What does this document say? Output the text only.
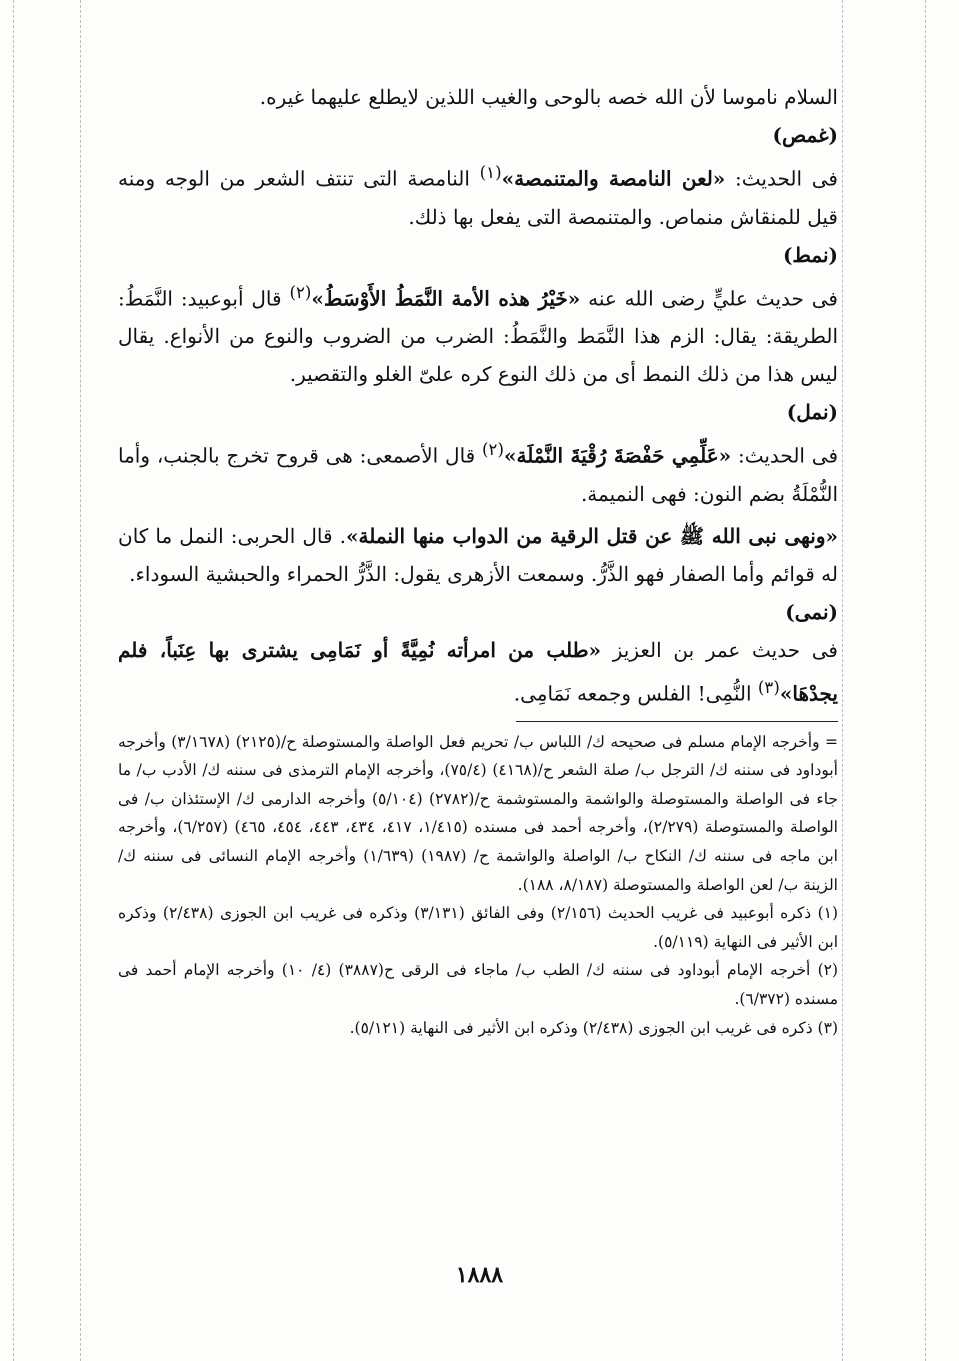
السلام ناموسا لأن الله خصه بالوحى والغيب اللذين لايطلع عليهما غيره.

(غمص)

فى الحديث: «لعن النامصة والمتنمصة»$^{(١)}$ النامصة التى تنتف الشعر من الوجه ومنه قيل للمنقاش منماص. والمتنمصة التى يفعل بها ذلك.

(نمط)

فى حديث عليٍّ رضى الله عنه «خَيْرُ هذه الأمة النَّمَطُ الأَوْسَطُ»$^{(٢)}$ قال أبوعبيد: النَّمَطُ: الطريقة: يقال: الزم هذا النَّمَط والنَّمَطُ: الضرب من الضروب والنوع من الأنواع. يقال ليس هذا من ذلك النمط أى من ذلك النوع كره علىّ الغلو والتقصير.

(نمل)

فى الحديث: «عَلِّمِي حَفْصَةَ رُقْيَةَ النَّمْلَة»$^{(٢)}$ قال الأصمعى: هى قروح تخرج بالجنب، وأما النُّمْلَةُ بضم النون: فهى النميمة.

«ونهى نبى الله ﷺ عن قتل الرقية من الدواب منها النملة». قال الحربى: النمل ما كان له قوائم وأما الصفار فهو الذَّرُّ. وسمعت الأزهرى يقول: الذَّرُّ الحمراء والحبشية السوداء.

(نمى)

فى حديث عمر بن العزيز «طلب من امرأته نُمِيَّةً أو نَمَامِى يشترى بها عِنَباً، فلم يجدْهَا»$^{(٣)}$ النُّمِى! الفلس وجمعه نَمَامِى.

= وأخرجه الإمام مسلم فى صحيحه ك/ اللباس ب/ تحريم فعل الواصلة والمستوصلة ح/(٢١٢٥) (٣/١٦٧٨) وأخرجه أبوداود فى سننه ك/ الترجل ب/ صلة الشعر ح/(٤١٦٨) (٧٥/٤)، وأخرجه الإمام الترمذى فى سننه ك/ الأدب ب/ ما جاء فى الواصلة والمستوصلة والواشمة والمستوشمة ح/(٢٧٨٢) (٥/١٠٤) وأخرجه الدارمى ك/ الإستئذان ب/ فى الواصلة والمستوصلة (٢/٢٧٩)، وأخرجه أحمد فى مسنده (١/٤١٥، ٤١٧، ٤٣٤، ٤٤٣، ٤٥٤، ٤٦٥) (٦/٢٥٧)، وأخرجه ابن ماجه فى سننه ك/ النكاح ب/ الواصلة والواشمة ح/ (١٩٨٧) (١/٦٣٩) وأخرجه الإمام النسائى فى سننه ك/ الزينة ب/ لعن الواصلة والمستوصلة (٨/١٨٧، ١٨٨).

(١) ذكره أبوعبيد فى غريب الحديث (٢/١٥٦) وفى الفائق (٣/١٣١) وذكره فى غريب ابن الجوزى (٢/٤٣٨) وذكره ابن الأثير فى النهاية (٥/١١٩).

(٢) أخرجه الإمام أبوداود فى سننه ك/ الطب ب/ ماجاء فى الرقى ح(٣٨٨٧) (٤/ ١٠) وأخرجه الإمام أحمد فى مسنده (٦/٣٧٢).

(٣) ذكره فى غريب ابن الجوزى (٢/٤٣٨) وذكره ابن الأثير فى النهاية (٥/١٢١).

١٨٨٨
